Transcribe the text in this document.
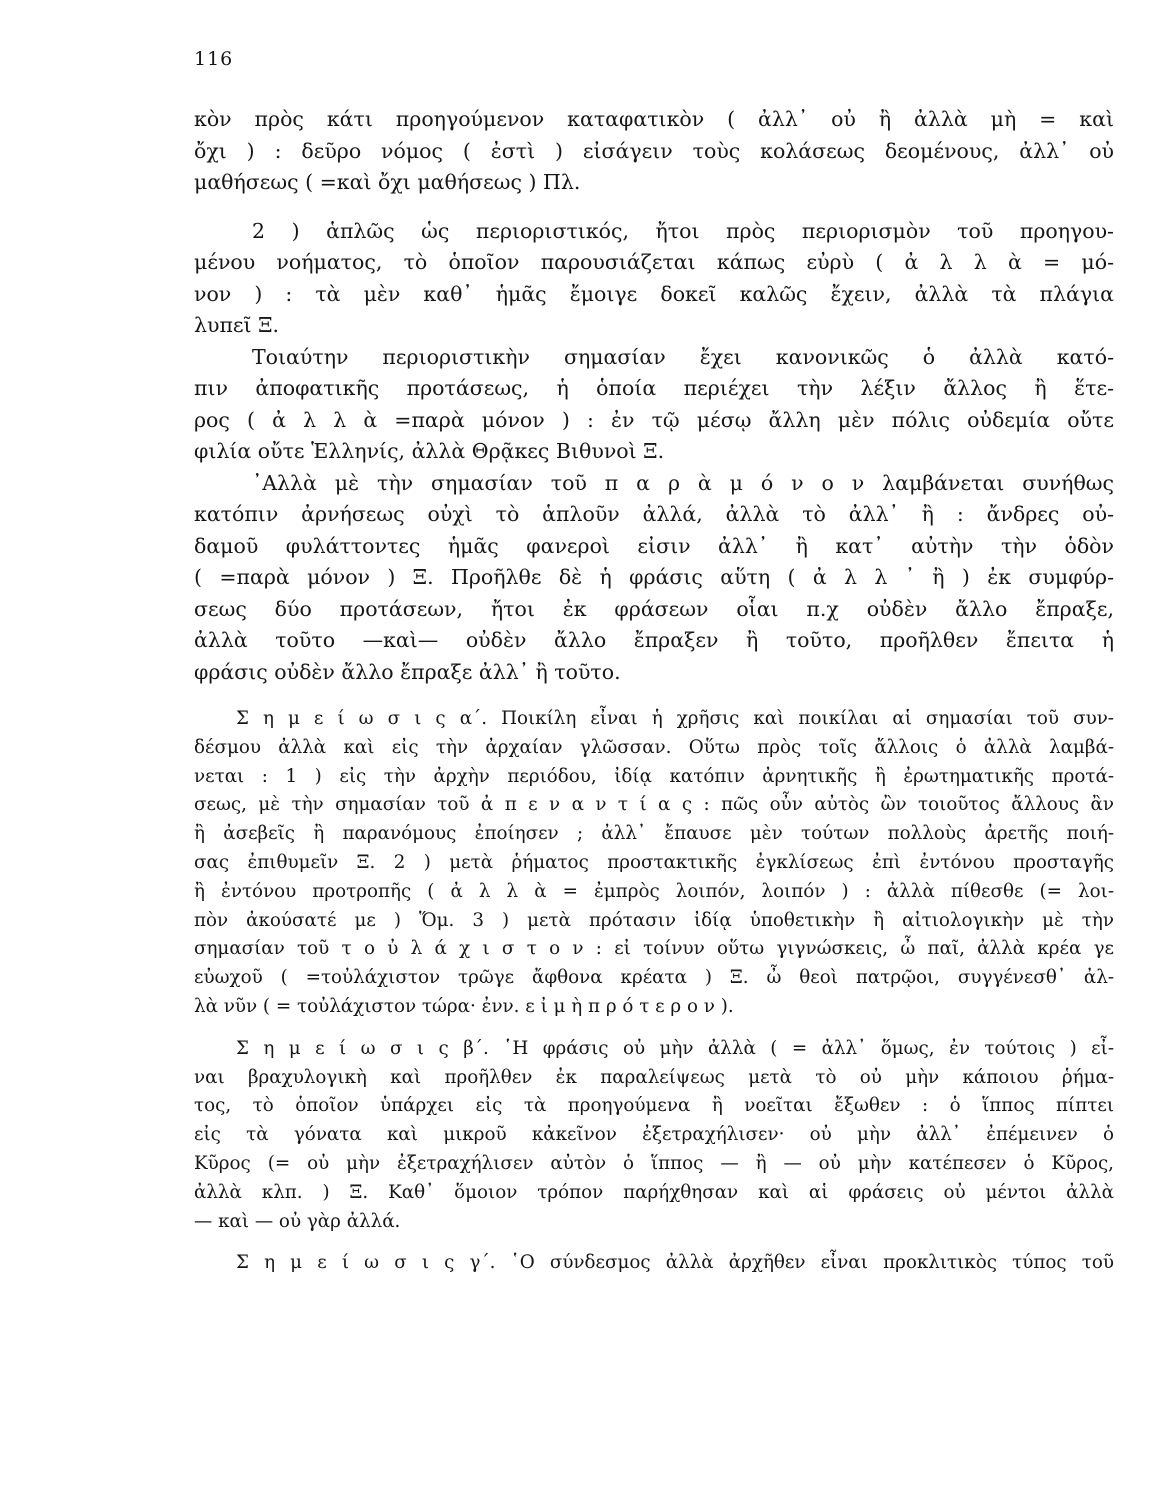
116
κὸν πρὸς κάτι προηγούμενον καταφατικὸν ( ἀλλ᾽ οὐ ἢ ἀλλὰ μὴ = καὶ
ὄχι ) : δεῦρο νόμος ( ἐστὶ ) εἰσάγειν τοὺς κολάσεως δεομένους, ἀλλ᾽ οὐ
μαθήσεως ( =καὶ ὄχι μαθήσεως ) Πλ.
2 ) ἁπλῶς ὡς περιοριστικός, ἤτοι πρὸς περιορισμὸν τοῦ προηγου-
μένου νοήματος, τὸ ὁποῖον παρουσιάζεται κάπως εὐρὺ ( ἀ λ λ ὰ = μό-
νον ) : τὰ μὲν καθ᾽ ἡμᾶς ἔμοιγε δοκεῖ καλῶς ἔχειν, ἀλλὰ τὰ πλάγια
λυπεῖ Ξ.
Τοιαύτην περιοριστικὴν σημασίαν ἔχει κανονικῶς ὁ ἀλλὰ κατό-
πιν ἀποφατικῆς προτάσεως, ἡ ὁποία περιέχει τὴν λέξιν ἄλλος ἢ ἕτε-
ρος ( ἀ λ λ ὰ =παρὰ μόνον ) : ἐν τῷ μέσῳ ἄλλη μὲν πόλις οὐδεμία οὔτε
φιλία οὔτε Ἑλληνίς, ἀλλὰ Θρᾷκες Βιθυνοὶ Ξ.
᾽Αλλὰ μὲ τὴν σημασίαν τοῦ π α ρ ὰ μ ό ν ο ν λαμβάνεται συνήθως
κατόπιν ἀρνήσεως οὐχὶ τὸ ἁπλοῦν ἀλλά, ἀλλὰ τὸ ἀλλ᾽ ἢ : ἄνδρες οὐ-
δαμοῦ φυλάττοντες ἡμᾶς φανεροὶ εἰσιν ἀλλ᾽ ἢ κατ᾽ αὐτὴν τὴν ὁδὸν
( =παρὰ μόνον ) Ξ. Προῆλθε δὲ ἡ φράσις αὕτη ( ἀ λ λ ᾽ ἢ ) ἐκ συμφύρ-
σεως δύο προτάσεων, ἤτοι ἐκ φράσεων οἷαι π.χ οὐδὲν ἄλλο ἔπραξε,
ἀλλὰ τοῦτο —καὶ— οὐδὲν ἄλλο ἔπραξεν ἢ τοῦτο, προῆλθεν ἔπειτα ἡ
φράσις οὐδὲν ἄλλο ἔπραξε ἀλλ᾽ ἢ τοῦτο.
Σ η μ ε ί ω σ ι ς α΄. Ποικίλη εἶναι ἡ χρῆσις καὶ ποικίλαι αἱ σημασίαι τοῦ συν-
δέσμου ἀλλὰ καὶ εἰς τὴν ἀρχαίαν γλῶσσαν. Οὕτω πρὸς τοῖς ἄλλοις ὁ ἀλλὰ λαμβά-
νεται : 1 ) εἰς τὴν ἀρχὴν περιόδου, ἰδίᾳ κατόπιν ἀρνητικῆς ἢ ἐρωτηματικῆς προτά-
σεως, μὲ τὴν σημασίαν τοῦ ἀ π ε ν α ν τ ί α ς : πῶς οὖν αὐτὸς ὢν τοιοῦτος ἄλλους ἂν
ἢ ἀσεβεῖς ἢ παρανόμους ἐποίησεν ; ἀλλ᾽ ἔπαυσε μὲν τούτων πολλοὺς ἀρετῆς ποιή-
σας ἐπιθυμεῖν Ξ. 2 ) μετὰ ῥήματος προστακτικῆς ἐγκλίσεως ἐπὶ ἐντόνου προσταγῆς
ἢ ἐντόνου προτροπῆς ( ἀ λ λ ὰ = ἐμπρὸς λοιπόν, λοιπόν ) : ἀλλὰ πίθεσθε (= λοι-
πὸν ἀκούσατέ με ) Ὅμ. 3 ) μετὰ πρότασιν ἰδίᾳ ὑποθετικὴν ἢ αἰτιολογικὴν μὲ τὴν
σημασίαν τοῦ τ ο ὐ λ ά χ ι σ τ ο ν : εἰ τοίνυν οὕτω γιγνώσκεις, ὦ παῖ, ἀλλὰ κρέα γε
εὐωχοῦ ( =τοὐλάχιστον τρῶγε ἄφθονα κρέατα ) Ξ. ὦ θεοὶ πατρῷοι, συγγένεσθ᾽ ἀλ-
λὰ νῦν ( = τοὐλάχιστον τώρα· ἐνν. ε ἰ μ ὴ π ρ ό τ ε ρ ο ν ).
Σ η μ ε ί ω σ ι ς β΄. ῾Η φράσις οὐ μὴν ἀλλὰ ( = ἀλλ᾽ ὅμως, ἐν τούτοις ) εἶ-
ναι βραχυλογικὴ καὶ προῆλθεν ἐκ παραλείψεως μετὰ τὸ οὐ μὴν κάποιου ῥήμα-
τος, τὸ ὁποῖον ὑπάρχει εἰς τὰ προηγούμενα ἢ νοεῖται ἔξωθεν : ὁ ἵππος πίπτει
εἰς τὰ γόνατα καὶ μικροῦ κἀκεῖνον ἐξετραχήλισεν· οὐ μὴν ἀλλ᾽ ἐπέμεινεν ὁ
Κῦρος (= οὐ μὴν ἐξετραχήλισεν αὐτὸν ὁ ἵππος — ἢ — οὐ μὴν κατέπεσεν ὁ Κῦρος,
ἀλλὰ κλπ. ) Ξ. Καθ᾽ ὅμοιον τρόπον παρήχθησαν καὶ αἱ φράσεις οὐ μέντοι ἀλλὰ
— καὶ — οὐ γὰρ ἀλλά.
Σ η μ ε ί ω σ ι ς γ΄. ῾Ο σύνδεσμος ἀλλὰ ἀρχῆθεν εἶναι προκλιτικὸς τύπος τοῦ
